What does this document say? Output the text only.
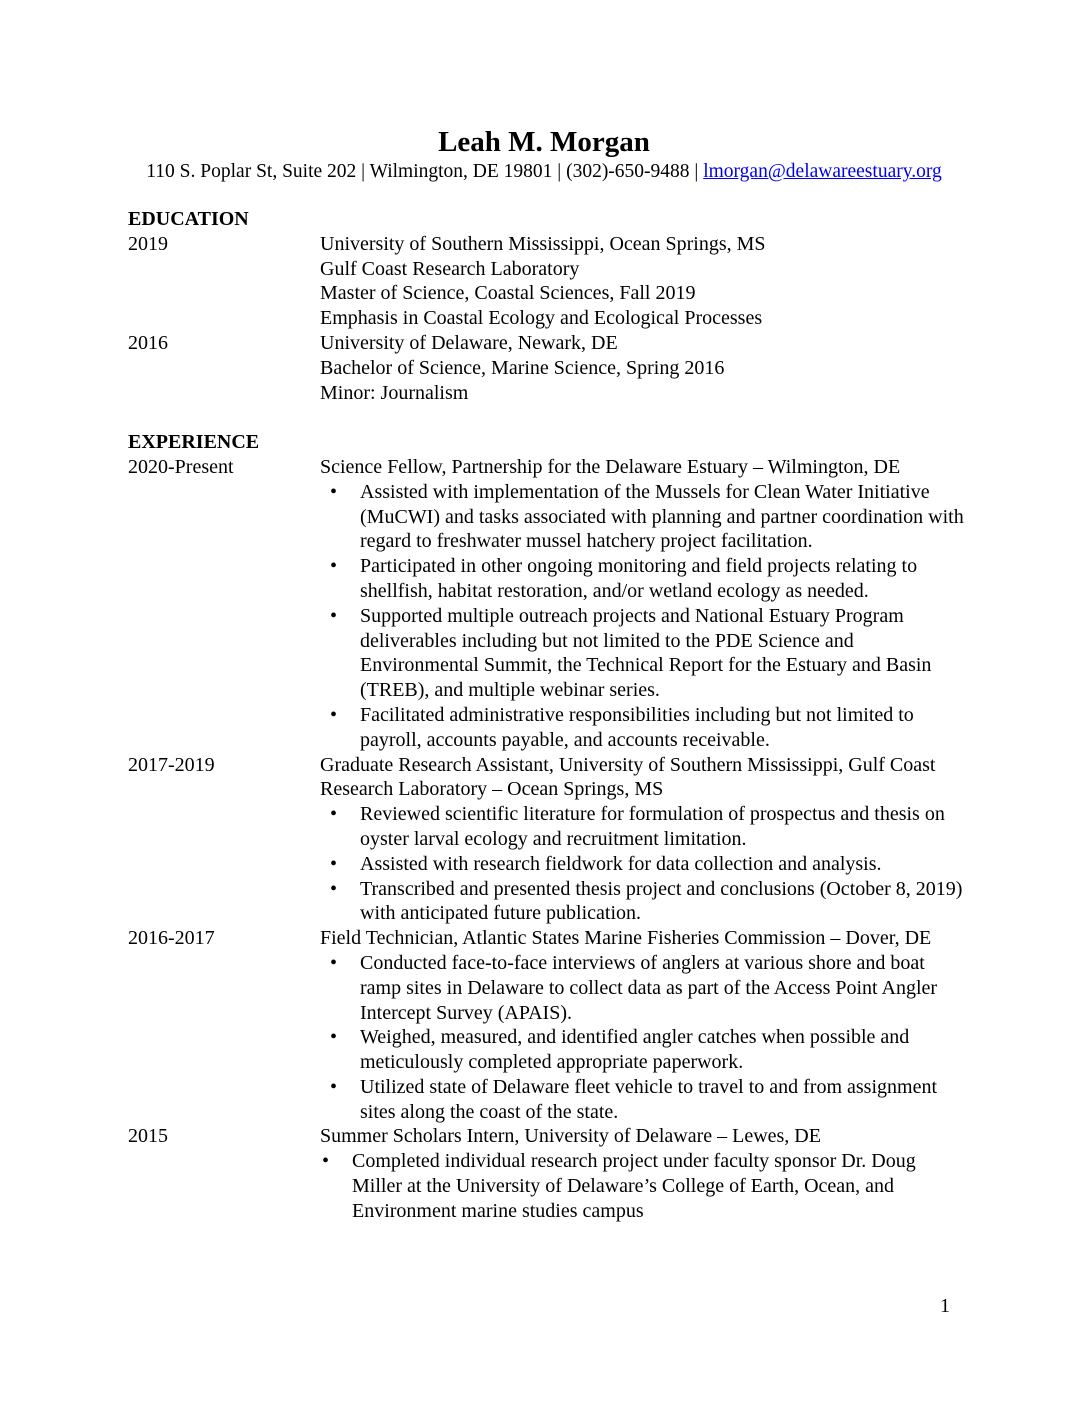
Leah M. Morgan
110 S. Poplar St, Suite 202 | Wilmington, DE 19801 | (302)-650-9488 | lmorgan@delawareestuary.org
EDUCATION
2019	University of Southern Mississippi, Ocean Springs, MS
Gulf Coast Research Laboratory
Master of Science, Coastal Sciences, Fall 2019
Emphasis in Coastal Ecology and Ecological Processes
2016	University of Delaware, Newark, DE
Bachelor of Science, Marine Science, Spring 2016
Minor: Journalism
EXPERIENCE
2020-Present	Science Fellow, Partnership for the Delaware Estuary – Wilmington, DE
• Assisted with implementation of the Mussels for Clean Water Initiative (MuCWI) and tasks associated with planning and partner coordination with regard to freshwater mussel hatchery project facilitation.
• Participated in other ongoing monitoring and field projects relating to shellfish, habitat restoration, and/or wetland ecology as needed.
• Supported multiple outreach projects and National Estuary Program deliverables including but not limited to the PDE Science and Environmental Summit, the Technical Report for the Estuary and Basin (TREB), and multiple webinar series.
• Facilitated administrative responsibilities including but not limited to payroll, accounts payable, and accounts receivable.
2017-2019	Graduate Research Assistant, University of Southern Mississippi, Gulf Coast Research Laboratory – Ocean Springs, MS
• Reviewed scientific literature for formulation of prospectus and thesis on oyster larval ecology and recruitment limitation.
• Assisted with research fieldwork for data collection and analysis.
• Transcribed and presented thesis project and conclusions (October 8, 2019) with anticipated future publication.
2016-2017	Field Technician, Atlantic States Marine Fisheries Commission – Dover, DE
• Conducted face-to-face interviews of anglers at various shore and boat ramp sites in Delaware to collect data as part of the Access Point Angler Intercept Survey (APAIS).
• Weighed, measured, and identified angler catches when possible and meticulously completed appropriate paperwork.
• Utilized state of Delaware fleet vehicle to travel to and from assignment sites along the coast of the state.
2015	Summer Scholars Intern, University of Delaware – Lewes, DE
• Completed individual research project under faculty sponsor Dr. Doug Miller at the University of Delaware’s College of Earth, Ocean, and Environment marine studies campus
1
